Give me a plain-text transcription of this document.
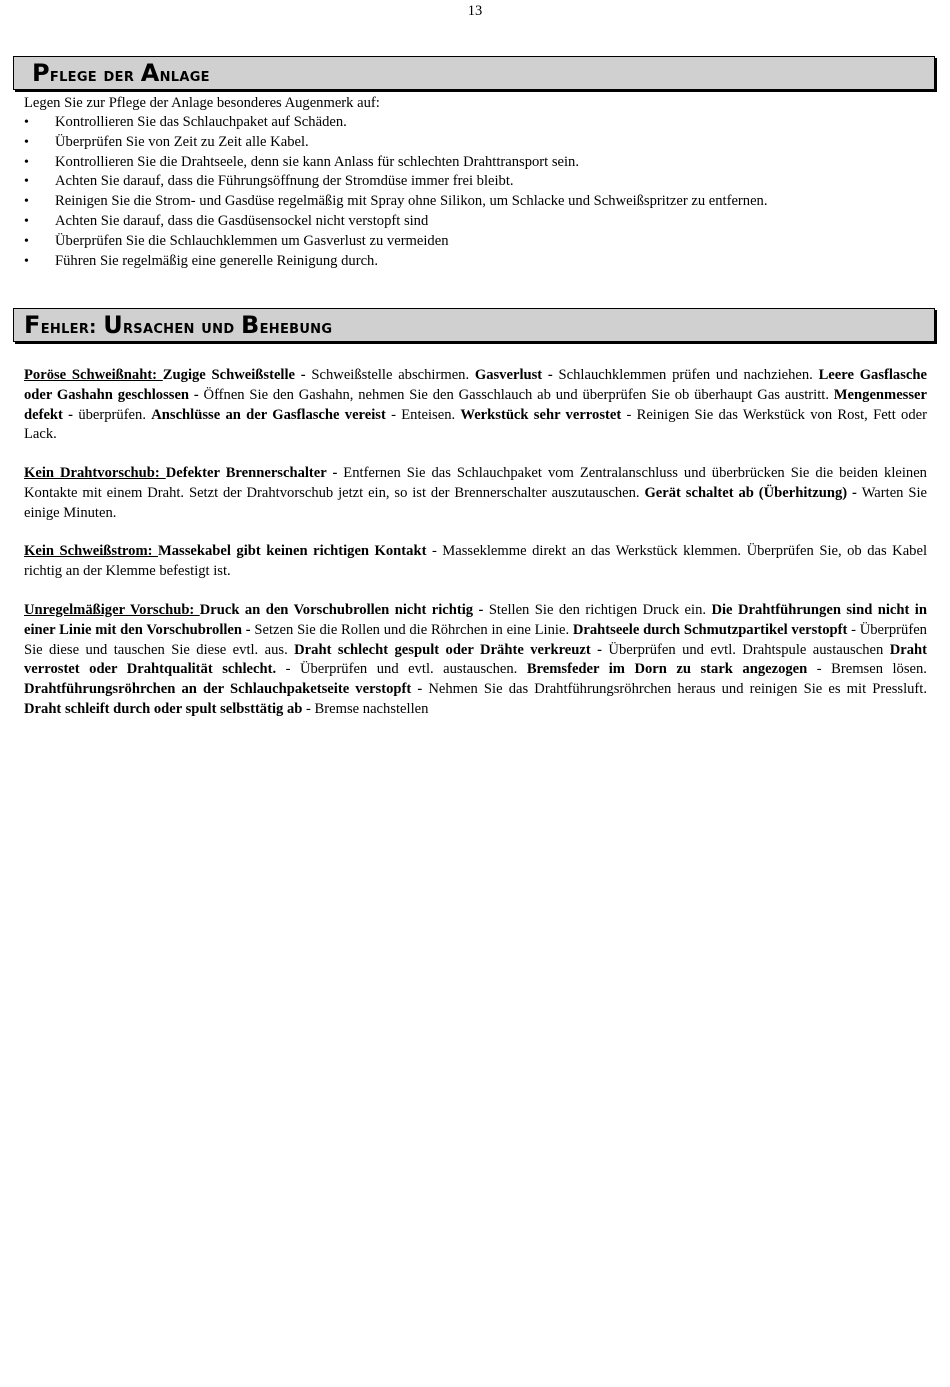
13
Pflege der Anlage
Legen Sie zur Pflege der Anlage besonderes Augenmerk auf:
• Kontrollieren Sie das Schlauchpaket auf Schäden.
• Überprüfen Sie von Zeit zu Zeit alle Kabel.
• Kontrollieren Sie die Drahtseele, denn sie kann Anlass für schlechten Drahttransport sein.
• Achten Sie darauf, dass die Führungsöffnung der Stromdüse immer frei bleibt.
• Reinigen Sie die Strom- und Gasdüse regelmäßig mit Spray ohne Silikon, um Schlacke und Schweißspritzer zu entfernen.
• Achten Sie darauf, dass die Gasdüsensockel nicht verstopft sind
• Überprüfen Sie die Schlauchklemmen um Gasverlust zu vermeiden
• Führen Sie regelmäßig eine generelle Reinigung durch.
Fehler: Ursachen und Behebung
Poröse Schweißnaht: Zugige Schweißstelle - Schweißstelle abschirmen. Gasverlust - Schlauchklemmen prüfen und nachziehen. Leere Gasflasche oder Gashahn geschlossen - Öffnen Sie den Gashahn, nehmen Sie den Gasschlauch ab und überprüfen Sie ob überhaupt Gas austritt. Mengenmesser defekt - überprüfen. Anschlüsse an der Gasflasche vereist - Enteisen. Werkstück sehr verrostet - Reinigen Sie das Werkstück von Rost, Fett oder Lack.
Kein Drahtvorschub: Defekter Brennerschalter - Entfernen Sie das Schlauchpaket vom Zentralanschluss und überbrücken Sie die beiden kleinen Kontakte mit einem Draht. Setzt der Drahtvorschub jetzt ein, so ist der Brennerschalter auszutauschen. Gerät schaltet ab (Überhitzung) - Warten Sie einige Minuten.
Kein Schweißstrom: Massekabel gibt keinen richtigen Kontakt - Masseklemme direkt an das Werkstück klemmen. Überprüfen Sie, ob das Kabel richtig an der Klemme befestigt ist.
Unregelmäßiger Vorschub: Druck an den Vorschubrollen nicht richtig - Stellen Sie den richtigen Druck ein. Die Drahtführungen sind nicht in einer Linie mit den Vorschubrollen - Setzen Sie die Rollen und die Röhrchen in eine Linie. Drahtseele durch Schmutzpartikel verstopft - Überprüfen Sie diese und tauschen Sie diese evtl. aus. Draht schlecht gespult oder Drähte verkreuzt - Überprüfen und evtl. Drahtspule austauschen Draht verrostet oder Drahtqualität schlecht. - Überprüfen und evtl. austauschen. Bremsfeder im Dorn zu stark angezogen - Bremsen lösen. Drahtführungsröhrchen an der Schlauchpaketseite verstopft - Nehmen Sie das Drahtführungsröhrchen heraus und reinigen Sie es mit Pressluft. Draht schleift durch oder spult selbsttätig ab - Bremse nachstellen
